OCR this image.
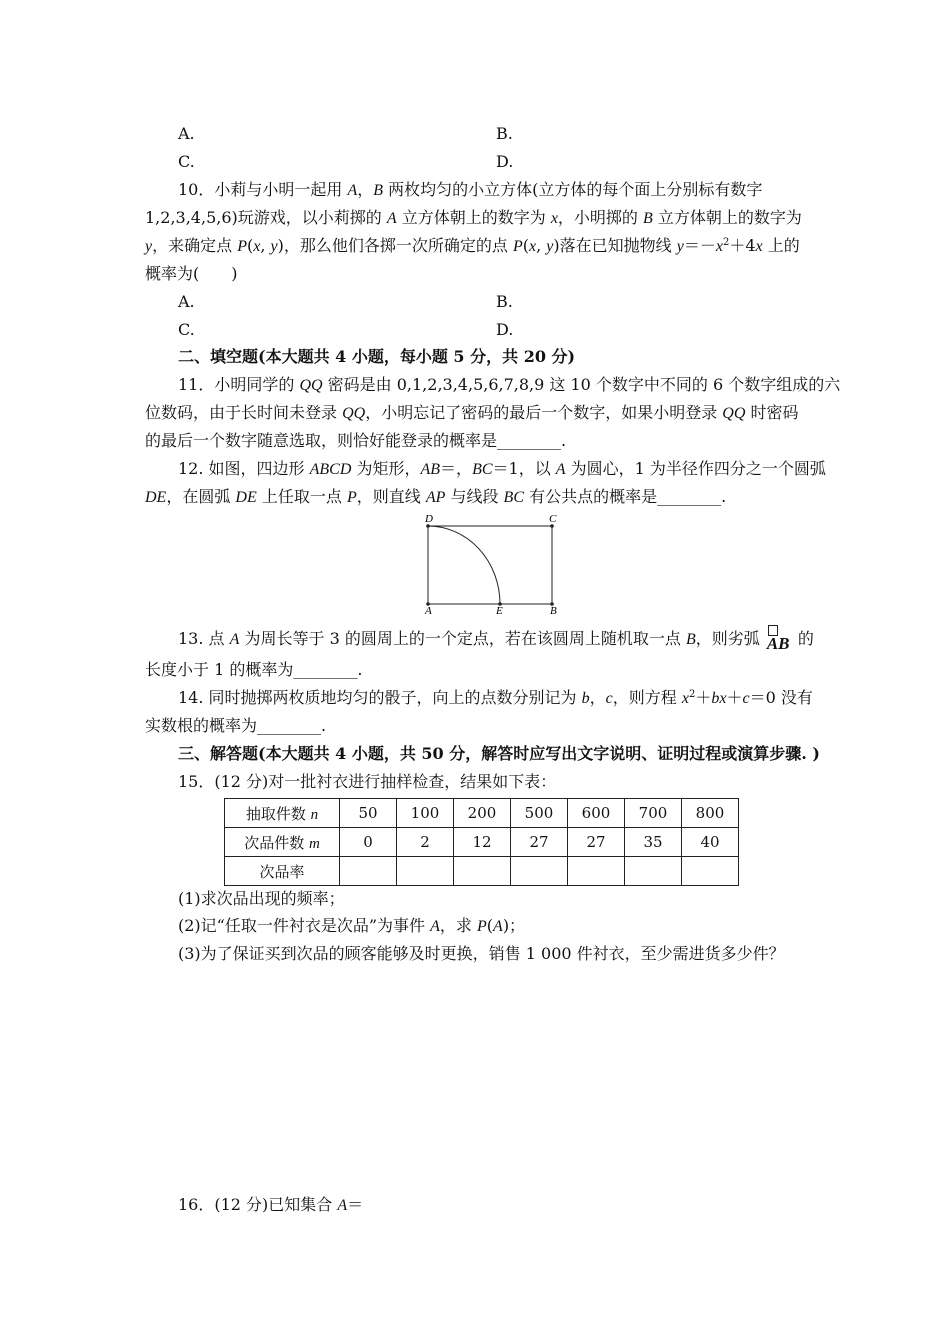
A.	B.
C.	D.
10．小莉与小明一起用 A，B 两枚均匀的小立方体(立方体的每个面上分别标有数字
1,2,3,4,5,6)玩游戏，以小莉掷的 A 立方体朝上的数字为 x，小明掷的 B 立方体朝上的数字为
y，来确定点 P(x, y)，那么他们各掷一次所确定的点 P(x, y)落在已知抛物线 $y=-x^2+4x$ 上的
概率为(　　)
A.	B.
C.	D.
二、填空题(本大题共 4 小题，每小题 5 分，共 20 分)
11．小明同学的 QQ 密码是由 0,1,2,3,4,5,6,7,8,9 这 10 个数字中不同的 6 个数字组成的六
位数码，由于长时间未登录 QQ，小明忘记了密码的最后一个数字，如果小明登录 QQ 时密码
的最后一个数字随意选取，则恰好能登录的概率是________.
12. 如图，四边形 ABCD 为矩形，AB＝，BC＝1，以 A 为圆心，1 为半径作四分之一个圆弧
DE，在圆弧 DE 上任取一点 P，则直线 AP 与线段 BC 有公共点的概率是________.
D	C
A	E	B
13. 点 A 为周长等于 3 的圆周上的一个定点，若在该圆周上随机取一点 B，则劣弧 AB 的
长度小于 1 的概率为________.
14. 同时抛掷两枚质地均匀的骰子，向上的点数分别记为 b，c，则方程 $x^2+bx+c=0$ 没有
实数根的概率为________.
三、解答题(本大题共 4 小题，共 50 分，解答时应写出文字说明、证明过程或演算步骤. )
15．(12 分)对一批衬衣进行抽样检查，结果如下表：
抽取件数 n	50	100	200	500	600	700	800
次品件数 m	0	2	12	27	27	35	40
次品率							
(1)求次品出现的频率；
(2)记“任取一件衬衣是次品”为事件 A，求 P(A)；
(3)为了保证买到次品的顾客能够及时更换，销售 1 000 件衬衣，至少需进货多少件？
16．(12 分)已知集合 A＝
